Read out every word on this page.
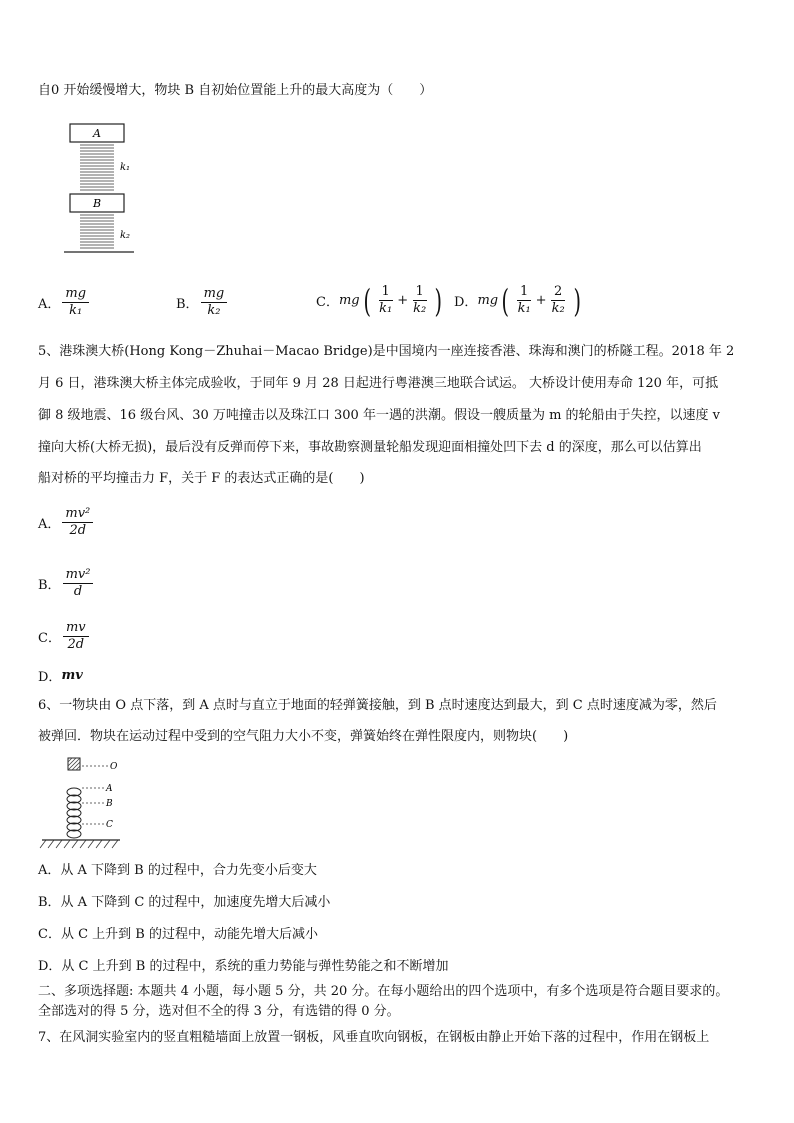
自0 开始缓慢增大，物块 B 自初始位置能上升的最大高度为（　　）
A
k₁
B
k₂
A． $\frac{mg}{\text{k₁}}$	B． $\frac{mg}{\text{k₂}}$	C． mg ( $\frac{1}{\text{k₁}} + \frac{1}{\text{k₂}}$ ) D． mg ( $\frac{1}{\text{k₁}} + \frac{2}{\text{k₂}}$ )
5、港珠澳大桥(Hong Kong－Zhuhai－Macao Bridge)是中国境内一座连接香港、珠海和澳门的桥隧工程。2018 年 2
月 6 日，港珠澳大桥主体完成验收，于同年 9 月 28 日起进行粤港澳三地联合试运。 大桥设计使用寿命 120 年，可抵
御 8 级地震、16 级台风、30 万吨撞击以及珠江口 300 年一遇的洪潮。假设一艘质量为 m 的轮船由于失控，以速度 v
撞向大桥(大桥无损)，最后没有反弹而停下来，事故勘察测量轮船发现迎面相撞处凹下去 d 的深度，那么可以估算出
船对桥的平均撞击力 F，关于 F 的表达式正确的是(　　)
A． $\frac{\text{mv²}}{2d}$
B． $\frac{\text{mv²}}{d}$
C． $\frac{mv}{2d}$
D． mv
6、一物块由 O 点下落，到 A 点时与直立于地面的轻弹簧接触，到 B 点时速度达到最大，到 C 点时速度减为零，然后
被弹回．物块在运动过程中受到的空气阻力大小不变，弹簧始终在弹性限度内，则物块(　　)
O
A
B
C
A．从 A 下降到 B 的过程中，合力先变小后变大
B．从 A 下降到 C 的过程中，加速度先增大后减小
C．从 C 上升到 B 的过程中，动能先增大后减小
D．从 C 上升到 B 的过程中，系统的重力势能与弹性势能之和不断增加
二、多项选择题: 本题共 4 小题，每小题 5 分，共 20 分。在每小题给出的四个选项中，有多个选项是符合题目要求的。
全部选对的得 5 分，选对但不全的得 3 分，有选错的得 0 分。
7、在风洞实验室内的竖直粗糙墙面上放置一钢板，风垂直吹向钢板，在钢板由静止开始下落的过程中，作用在钢板上
